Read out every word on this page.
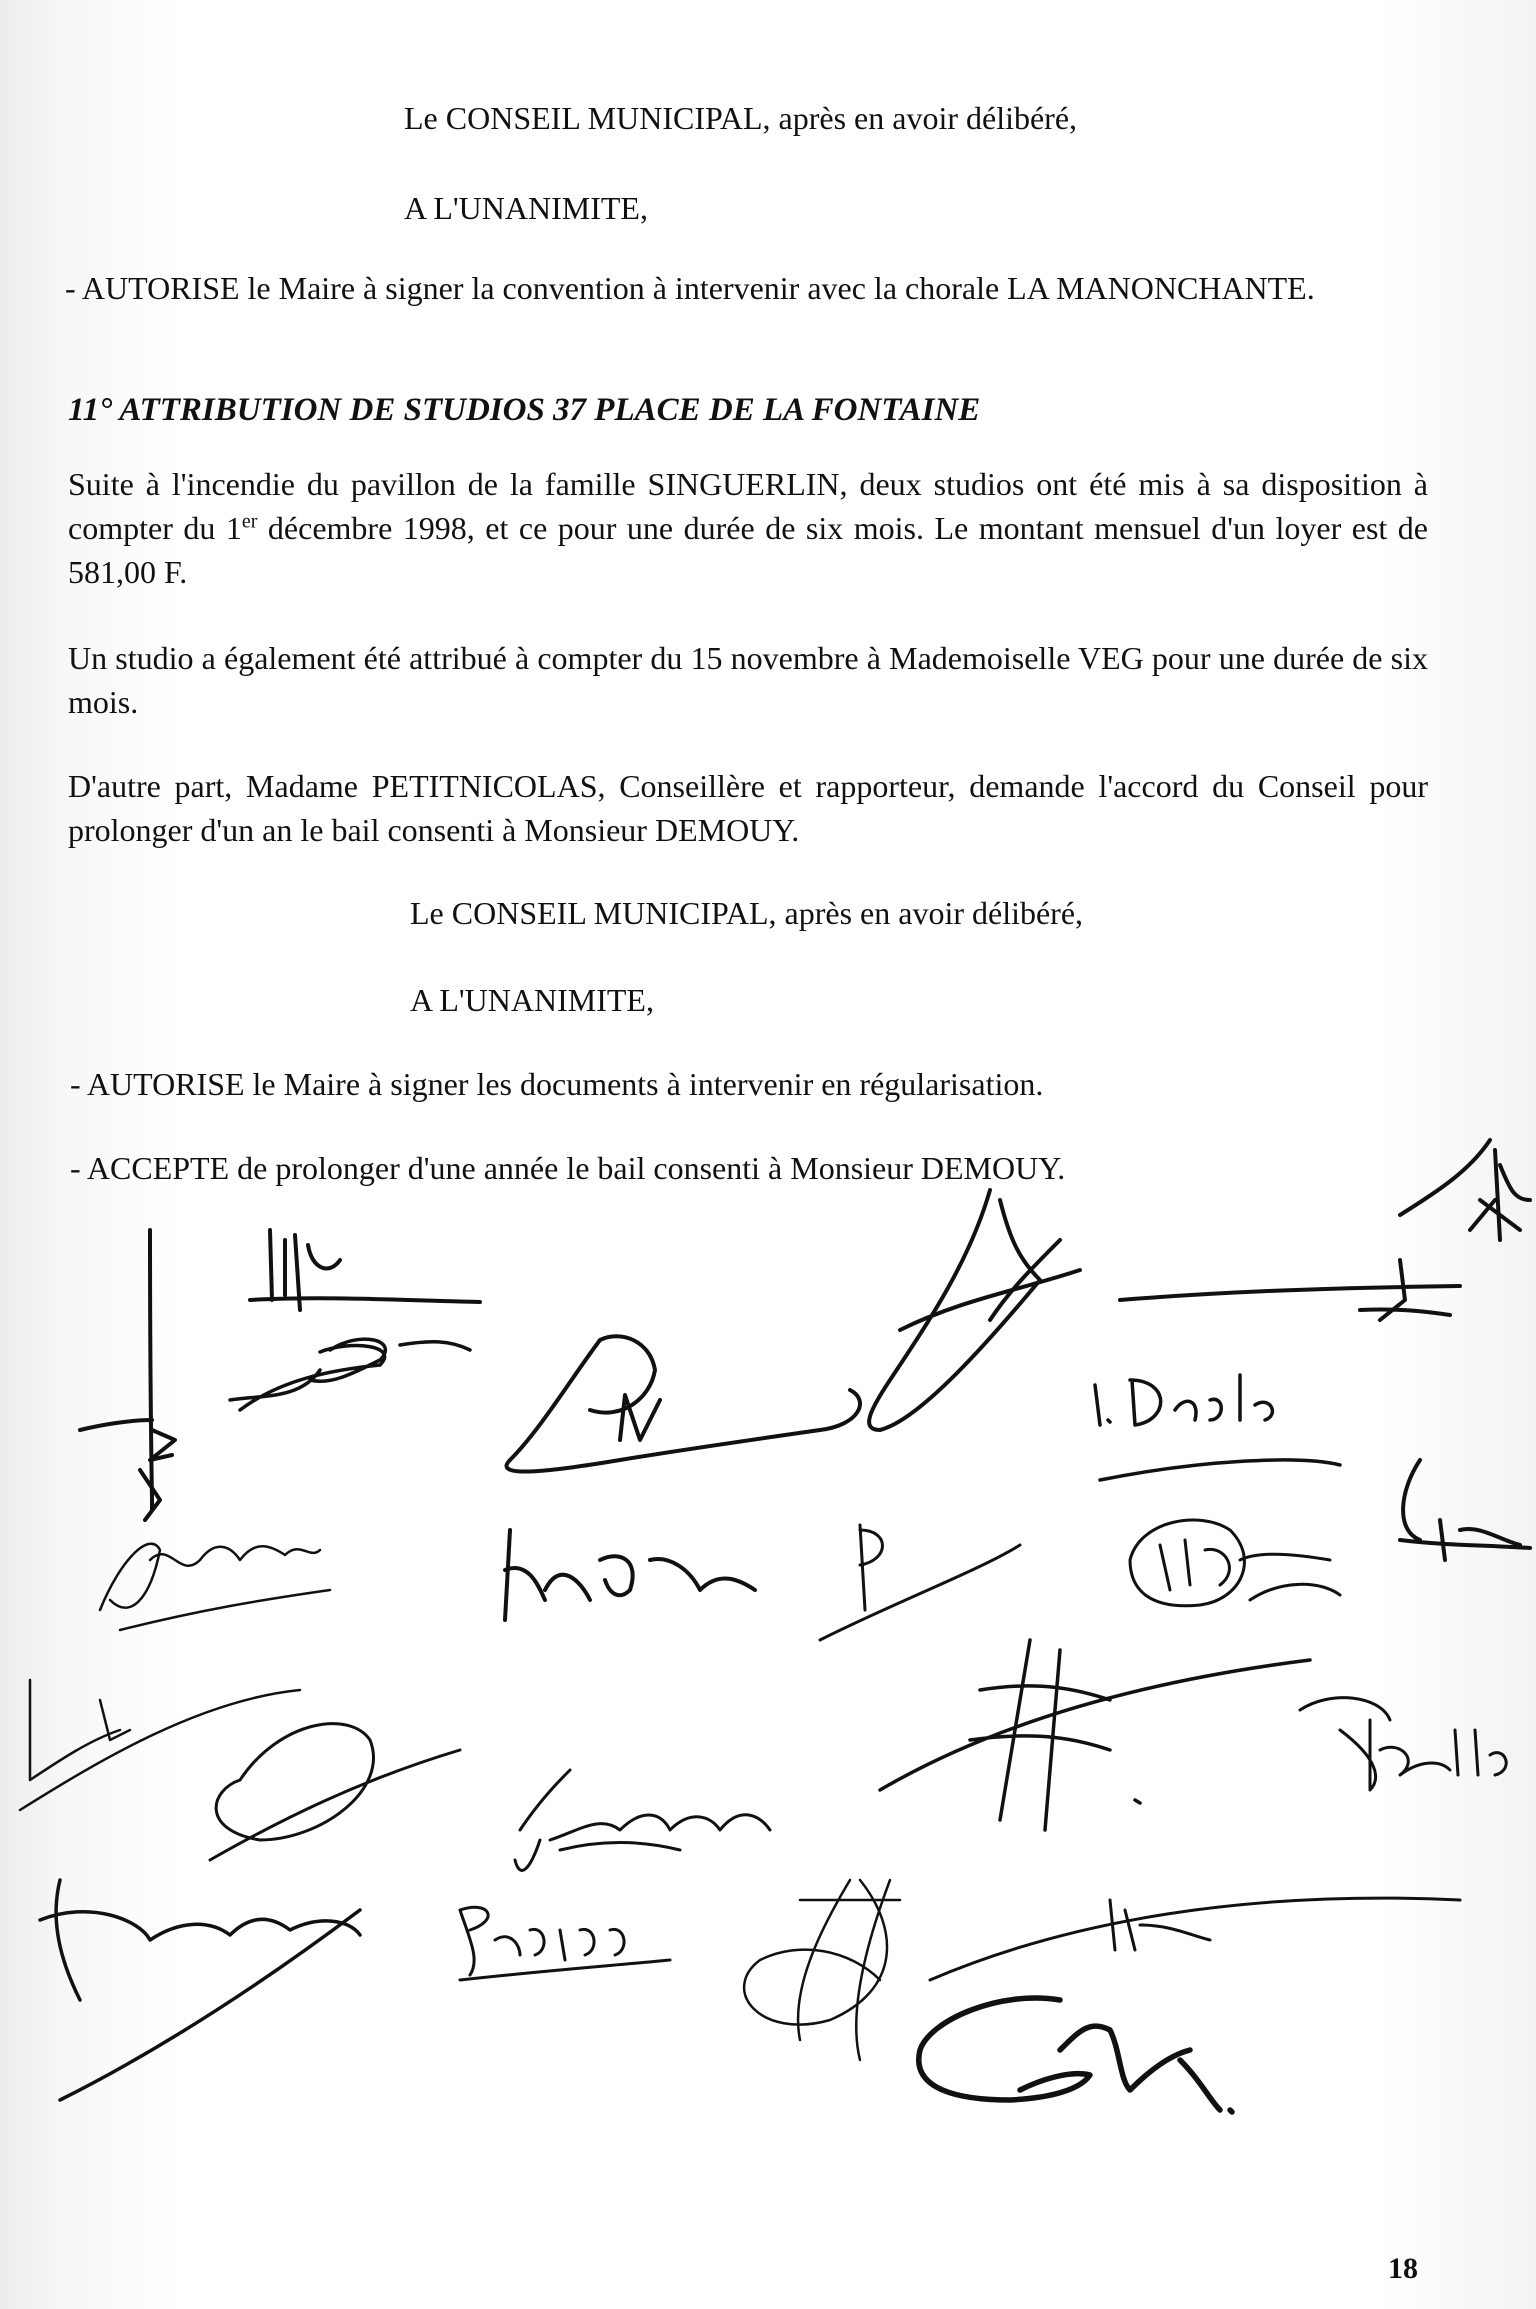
Le CONSEIL MUNICIPAL, après en avoir délibéré,

A L'UNANIMITE,

- AUTORISE le Maire à signer la convention à intervenir avec la chorale LA MANONCHANTE.

11° ATTRIBUTION DE STUDIOS 37 PLACE DE LA FONTAINE

Suite à l'incendie du pavillon de la famille SINGUERLIN, deux studios ont été mis à sa disposition à compter du 1er décembre 1998, et ce pour une durée de six mois. Le montant mensuel d'un loyer est de 581,00 F.

Un studio a également été attribué à compter du 15 novembre à Mademoiselle VEG pour une durée de six mois.

D'autre part, Madame PETITNICOLAS, Conseillère et rapporteur, demande l'accord du Conseil pour prolonger d'un an le bail consenti à Monsieur DEMOUY.

Le CONSEIL MUNICIPAL, après en avoir délibéré,

A L'UNANIMITE,

- AUTORISE le Maire à signer les documents à intervenir en régularisation.

- ACCEPTE de prolonger d'une année le bail consenti à Monsieur DEMOUY.

18
